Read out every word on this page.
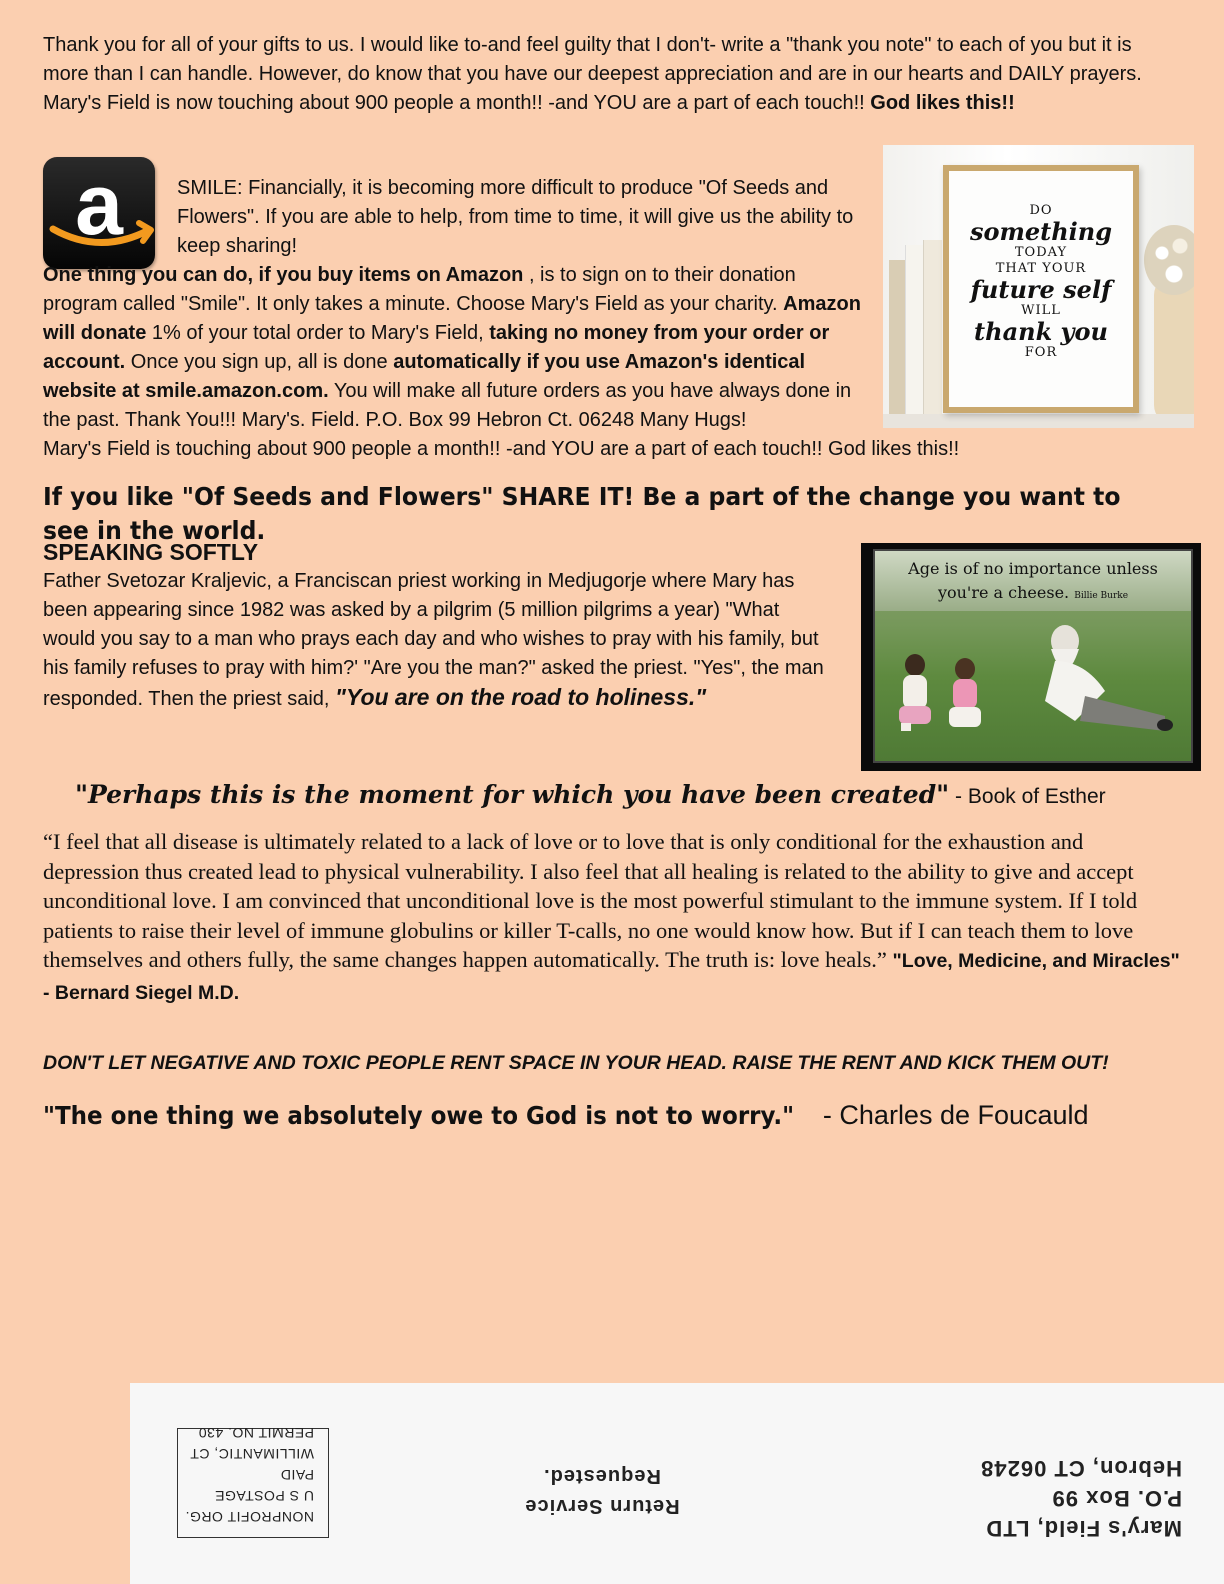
Thank you for all of your gifts to us. I would like to-and feel guilty that I don't- write a "thank you note" to each of you but it is more than I can handle. However, do know that you have our deepest appreciation and are in our hearts and DAILY prayers. Mary's Field is now touching about 900 people a month!! -and YOU are a part of each touch!! God likes this!!
a	SMILE: Financially, it is becoming more difficult to produce "Of Seeds and Flowers". If you are able to help, from time to time, it will give us the ability to keep sharing!
One thing you can do, if you buy items on Amazon , is to sign on to their donation program called "Smile". It only takes a minute. Choose Mary's Field as your charity. Amazon will donate 1% of your total order to Mary's Field, taking no money from your order or account. Once you sign up, all is done automatically if you use Amazon's identical website at smile.amazon.com. You will make all future orders as you have always done in the past. Thank You!!! Mary's. Field. P.O. Box 99 Hebron Ct. 06248 Many Hugs!
Mary's Field is touching about 900 people a month!! -and YOU are a part of each touch!! God likes this!!
DO
something
TODAY
THAT YOUR
future self
WILL
thank you
FOR
If you like "Of Seeds and Flowers" SHARE IT! Be a part of the change you want to see in the world.
SPEAKING SOFTLY
Father Svetozar Kraljevic, a Franciscan priest working in Medjugorje where Mary has been appearing since 1982 was asked by a pilgrim (5 million pilgrims a year) "What would you say to a man who prays each day and who wishes to pray with his family, but his family refuses to pray with him?' "Are you the man?" asked the priest. "Yes", the man responded. Then the priest said, "You are on the road to holiness."
Age is of no importance unless
you're a cheese. Billie Burke
"Perhaps this is the moment for which you have been created" - Book of Esther
“I feel that all disease is ultimately related to a lack of love or to love that is only conditional for the exhaustion and depression thus created lead to physical vulnerability. I also feel that all healing is related to the ability to give and accept unconditional love. I am convinced that unconditional love is the most powerful stimulant to the immune system. If I told patients to raise their level of immune globulins or killer T-calls, no one would know how. But if I can teach them to love themselves and others fully, the same changes happen automatically. The truth is: love heals.” "Love, Medicine, and Miracles" - Bernard Siegel M.D.
DON'T LET NEGATIVE AND TOXIC PEOPLE RENT SPACE IN YOUR HEAD. RAISE THE RENT AND KICK THEM OUT!
"The one thing we absolutely owe to God is not to worry." - Charles de Foucauld
NONPROFIT ORG.
U S POSTAGE PAID
WILLIMANTIC, CT
PERMIT NO. 430
Return Service
Requested.
Mary's Field, LTD
P.O. Box 99
Hebron, CT 06248
